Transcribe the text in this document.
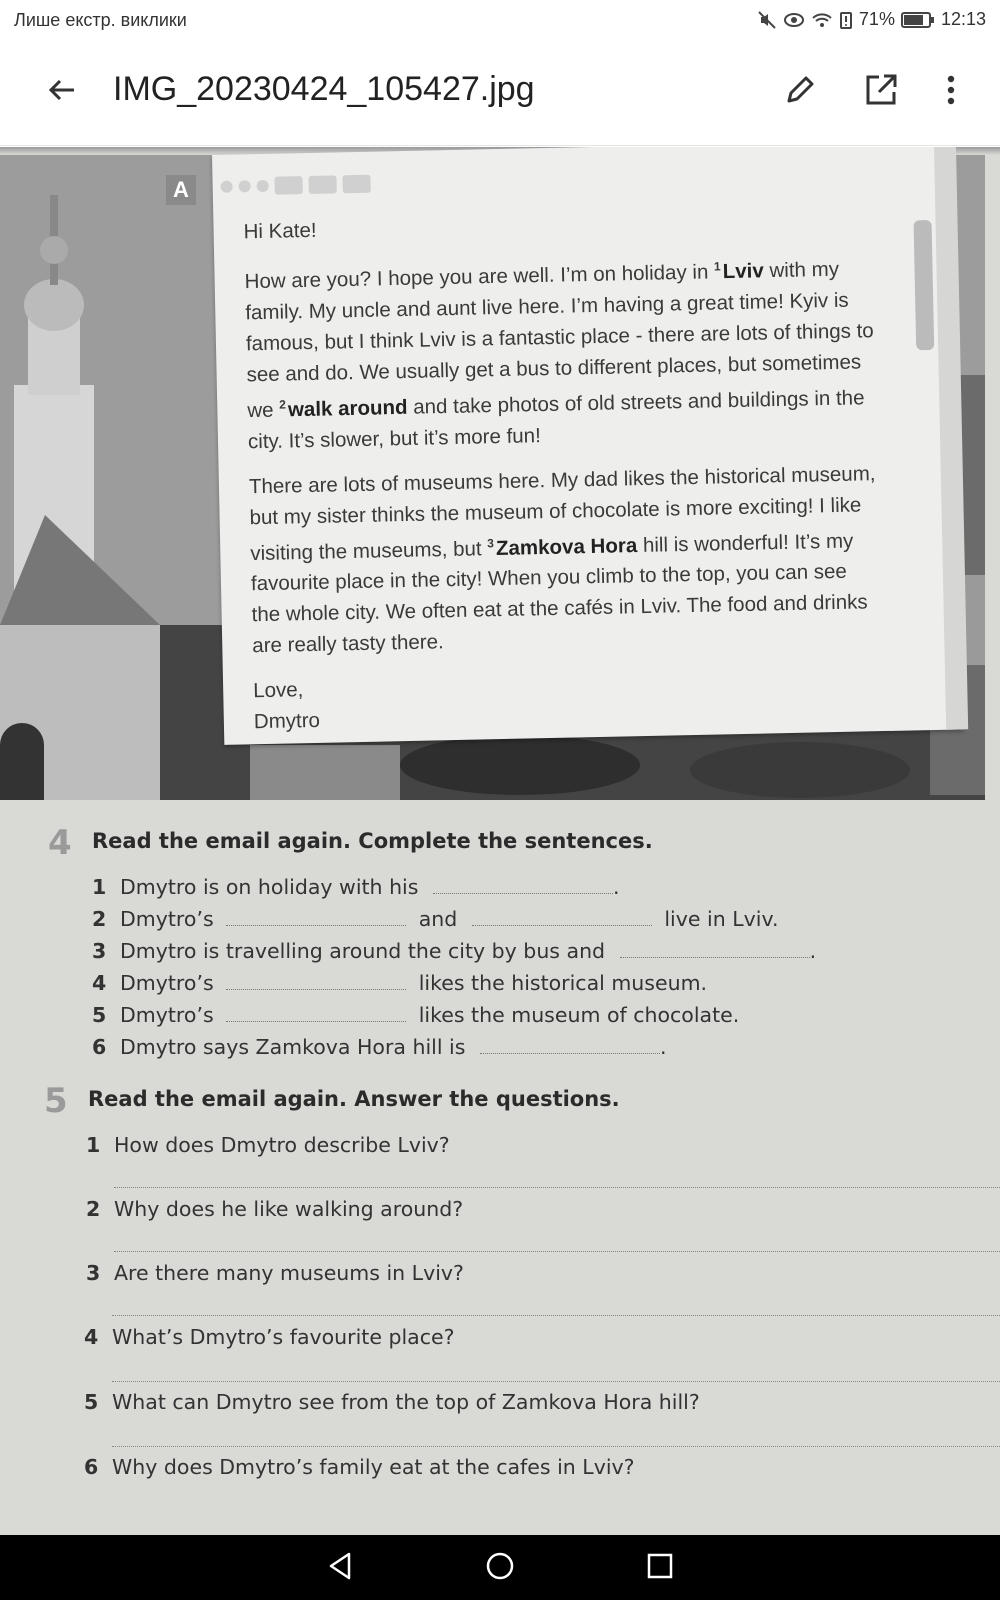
Лише екстр. виклики	71%	12:13
IMG_20230424_105427.jpg
A

Hi Kate!

How are you? I hope you are well. I’m on holiday in $^1$Lviv with my family. My uncle and aunt live here. I’m having a great time! Kyiv is famous, but I think Lviv is a fantastic place - there are lots of things to see and do. We usually get a bus to different places, but sometimes we $^2$walk around and take photos of old streets and buildings in the city. It’s slower, but it’s more fun!

There are lots of museums here. My dad likes the historical museum, but my sister thinks the museum of chocolate is more exciting! I like visiting the museums, but $^3$Zamkova Hora hill is wonderful! It’s my favourite place in the city! When you climb to the top, you can see the whole city. We often eat at the cafés in Lviv. The food and drinks are really tasty there.

Love,
Dmytro
4 Read the email again. Complete the sentences.
1 Dmytro is on holiday with his	.
2 Dmytro’s	and	live in Lviv.
3 Dmytro is travelling around the city by bus and	.
4 Dmytro’s	likes the historical museum.
5 Dmytro’s	likes the museum of chocolate.
6 Dmytro says Zamkova Hora hill is	.
5 Read the email again. Answer the questions.
1 How does Dmytro describe Lviv?
2 Why does he like walking around?
3 Are there many museums in Lviv?
4 What’s Dmytro’s favourite place?
5 What can Dmytro see from the top of Zamkova Hora hill?
6 Why does Dmytro’s family eat at the cafes in Lviv?
